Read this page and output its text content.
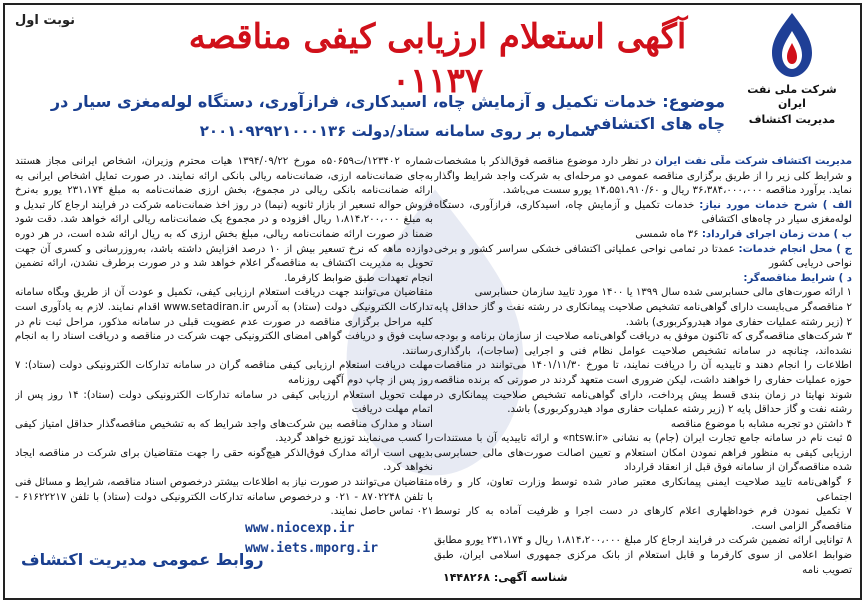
نوبت اول	آگهی استعلام ارزیابی کیفی مناقصه ۰۱۱۳۷	شرکت ملی نفت ایران
مدیریت اکتشاف
موضوع: خدمات تکمیل و آزمایش چاه، اسیدکاری، فرازآوری، دستگاه لوله‌مغزی سیار در چاه های اکتشافی
شماره بر روی سامانه ستاد/دولت ۲۰۰۱۰۹۲۹۲۱۰۰۰۱۳۶

مدیریت اکتشاف شرکت ملّی نفت ایران در نظر دارد موضوع مناقصه فوق‌الذکر با مشخصات و شرایط کلی زیر را از طریق برگزاری مناقصه عمومی دو مرحله‌ای به شرکت واجد شرایط واگذار نماید. برآورد مناقصه ۳۶،۳۸۴،۰۰۰،۰۰۰ ریال و ۱۴،۵۵۱،۹۱۰/۶۰ یورو سست می‌باشد.

الف ) شرح خدمات مورد نیاز: خدمات تکمیل و آزمایش چاه، اسیدکاری، فرازآوری، دستگاه لوله‌مغزی سیار در چاه‌های اکتشافی

ب ) مدت زمان اجرای قرارداد: ۳۶ ماه شمسی

ج ) محل انجام خدمات: عمدتا در تمامی نواحی عملیاتی اکتشافی خشکی سراسر کشور و برخی نواحی دریایی کشور

د ) شرایط مناقصه‌گر:

۱ ارائه صورت‌های مالی حسابرسی شده سال ۱۳۹۹ یا ۱۴۰۰ مورد تایید سازمان حسابرسی

۲ مناقصه‌گر می‌بایست دارای گواهی‌نامه تشخیص صلاحیت پیمانکاری در رشته نفت و گاز حداقل پایه ۲ (زیر رشته عملیات حفاری مواد هیدروکربوری) باشد.

۳ شرکت‌های مناقصه‌گری که تاکنون موفق به دریافت گواهی‌نامه صلاحیت از سازمان برنامه و بودجه نشده‌اند، چنانچه در سامانه تشخیص صلاحیت عوامل نظام فنی و اجرایی (ساجات)، بارگذاری اطلاعات را انجام دهند و تاییدیه آن را دریافت نمایند، تا مورخ ۱۴۰۱/۱۱/۳۰ می‌توانند در مناقصات حوزه عملیات حفاری را خواهند داشت، لیکن ضروری است متعهد گردند در صورتی که برنده مناقصه شوند نهایتا در زمان بندی قسط پیش پرداخت، دارای گواهی‌نامه تشخیص صلاحیت پیمانکاری در رشته نفت و گاز حداقل پایه ۲ (زیر رشته عملیات حفاری مواد هیدروکربوری) باشد.

۴ داشتن دو تجربه مشابه با موضوع مناقصه

۵ ثبت نام در سامانه جامع تجارت ایران (جام) به نشانی «ntsw.ir» و ارائه تاییدیه آن با مستندات ارزیابی کیفی به منظور فراهم نمودن امکان استعلام و تعیین اصالت صورت‌های مالی حسابرسی شده مناقصه‌گران از سامانه فوق قبل از انعقاد قرارداد

۶ گواهی‌نامه تایید صلاحیت ایمنی پیمانکاری معتبر صادر شده توسط وزارت تعاون، کار و رفاه اجتماعی

۷ تکمیل نمودن فرم خوداظهاری اعلام کارهای در دست اجرا و ظرفیت آماده به کار توسط مناقصه‌گر الزامی است.

۸ توانایی ارائه تضمین شرکت در فرایند ارجاع کار مبلغ ۱،۸۱۴،۲۰۰،۰۰۰ ریال و ۲۳۱،۱۷۴ یورو مطابق ضوابط اعلامی از سوی کارفرما و قابل استعلام از بانک مرکزی جمهوری اسلامی ایران، طبق تصویب نامه

شماره ۱۲۳۴۰۲/ت۵۰۶۵۹ه مورخ ۱۳۹۴/۰۹/۲۲ هیات محترم وزیران، اشخاص ایرانی مجاز هستند به‌جای ضمانت‌نامه ارزی، ضمانت‌نامه ریالی بانکی ارائه نمایند. در صورت تمایل اشخاص ایرانی به ارائه ضمانت‌نامه بانکی ریالی در مجموع، بخش ارزی ضمانت‌نامه به مبلغ ۲۳۱،۱۷۴ یورو به‌نرخ فروش حواله تسعیر از بازار ثانویه (نیما) در روز اخذ ضمانت‌نامه شرکت در فرایند ارجاع کار تبدیل و به مبلغ ۱،۸۱۴،۲۰۰،۰۰۰ ریال افزوده و در مجموع یک ضمانت‌نامه ریالی ارائه خواهد شد. دقت شود ضمنا در صورت ارائه ضمانت‌نامه ریالی، مبلغ بخش ارزی که به ریال ارائه شده است، در هر دوره دوازده ماهه که نرخ تسعیر بیش از ۱۰ درصد افزایش داشته باشد، به‌روزرسانی و کسری آن جهت تحویل به مدیریت اکتشاف به مناقصه‌گر اعلام خواهد شد و در صورت برطرف نشدن، ارائه تضمین انجام تعهدات طبق ضوابط کارفرما.

متقاضیان می‌توانند جهت دریافت استعلام ارزیابی کیفی، تکمیل و عودت آن از طریق وبگاه سامانه تدارکات الکترونیکی دولت (ستاد) به آدرس www.setadiran.ir اقدام نمایند. لازم به یادآوری است کلیه مراحل برگزاری مناقصه در صورت عدم عضویت قبلی در سامانه مذکور، مراحل ثبت نام در سایت فوق و دریافت گواهی امضای الکترونیکی جهت شرکت در مناقصه و دریافت اسناد را به انجام رسانند.

مهلت دریافت استعلام ارزیابی کیفی مناقصه گران در سامانه تدارکات الکترونیکی دولت (ستاد): ۷ روز پس از چاپ دوم آگهی روزنامه

مهلت تحویل استعلام ارزیابی کیفی در سامانه تدارکات الکترونیکی دولت (ستاد): ۱۴ روز پس از اتمام مهلت دریافت

اسناد و مدارک مناقصه بین شرکت‌های واجد شرایط که به تشخیص مناقصه‌گذار حداقل امتیاز کیفی را کسب می‌نمایند توزیع خواهد گردید.

بدیهی است ارائه مدارک فوق‌الذکر هیچ‌گونه حقی را جهت متقاضیان برای شرکت در مناقصه ایجاد نخواهد کرد.

متقاضیان می‌توانند در صورت نیاز به اطلاعات بیشتر درخصوص اسناد مناقصه، شرایط و مسائل فنی با تلفن ۸۷۰۲۲۴۸ - ۰۲۱ و درخصوص سامانه تدارکات الکترونیکی دولت (ستاد) با تلفن ۶۱۶۲۲۲۱۷ - ۰۲۱ تماس حاصل نمایند.

www.niocexp.ir
www.iets.mporg.ir
شناسه آگهی: ۱۴۴۸۲۶۸
روابط عمومی مدیریت اکتشاف
